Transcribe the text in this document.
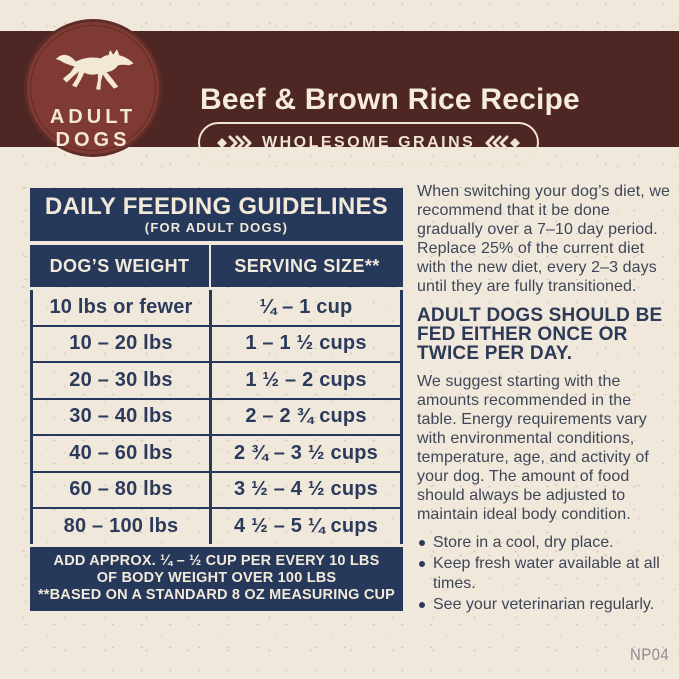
Beef & Brown Rice Recipe
WHOLESOME GRAINS
ADULT
DOGS
DAILY FEEDING GUIDELINES
(FOR ADULT DOGS)
DOG’S WEIGHT	SERVING SIZE**
10 lbs or fewer	¼ – 1 cup
10 – 20 lbs	1 – 1 ½ cups
20 – 30 lbs	1 ½ – 2 cups
30 – 40 lbs	2 – 2 ¾ cups
40 – 60 lbs	2 ¾ – 3 ½ cups
60 – 80 lbs	3 ½ – 4 ½ cups
80 – 100 lbs	4 ½ – 5 ¼ cups
ADD APPROX. ¼ – ½ CUP PER EVERY 10 LBS
OF BODY WEIGHT OVER 100 LBS
**BASED ON A STANDARD 8 OZ MEASURING CUP

When switching your dog’s diet, we recommend that it be done gradually over a 7–10 day period. Replace 25% of the current diet with the new diet, every 2–3 days until they are fully transitioned.

ADULT DOGS SHOULD BE FED EITHER ONCE OR TWICE PER DAY.

We suggest starting with the amounts recommended in the table. Energy requirements vary with environmental conditions, temperature, age, and activity of your dog. The amount of food should always be adjusted to maintain ideal body condition.

Store in a cool, dry place.
Keep fresh water available at all times.
See your veterinarian regularly.
NP04
